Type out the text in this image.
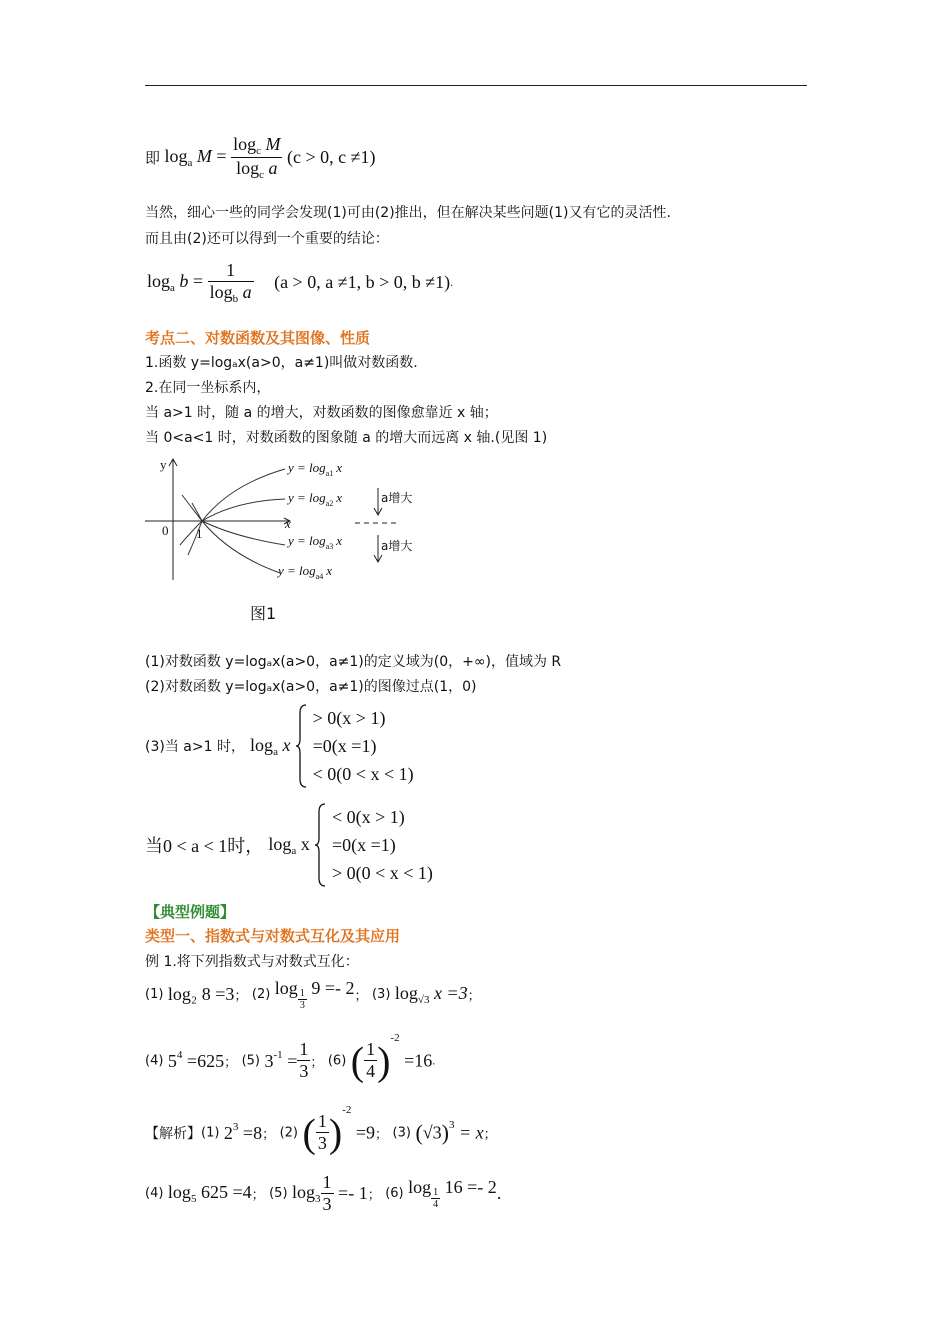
即 $\log_a M = \frac{\log_c M}{\log_c a} (c > 0$, c ≠1)
当然，细心一些的同学会发现(1)可由(2)推出，但在解决某些问题(1)又有它的灵活性.
而且由(2)还可以得到一个重要的结论：
$\log_a b = \frac{1}{\log_b a} (a > 0$, a ≠1, b > 0, b ≠1).
考点二、对数函数及其图像、性质
1.函数 y=logₐx(a>0，a≠1)叫做对数函数.
2.在同一坐标系内，
当 a>1 时，随 a 的增大，对数函数的图像愈靠近 x 轴；
当 0<a<1 时，对数函数的图象随 a 的增大而远离 x 轴.(见图 1)
y
x
0 1
$y = \log_{a1} x$
$y = \log_{a2} x$
$y = \log_{a3} x$
$y = \log_{a4} x$
a增大
a增大
图1
(1)对数函数 y=logₐx(a>0，a≠1)的定义域为(0，+∞)，值域为 R
(2)对数函数 y=logₐx(a>0，a≠1)的图像过点(1，0)
(3)当 a>1 时， $\log_a x$
> 0(x > 1)
=0(x =1)
< 0(0 < x < 1)
当0 < a < 1时， $\log_a x$
< 0(x > 1)
=0(x =1)
> 0(0 < x < 1)
【典型例题】
类型一、指数式与对数式互化及其应用
例 1.将下列指数式与对数式互化：
(1) log₂ 8 =3； (2) $\log \frac{1}{3} 9 =- 2$； (3) $\log_{√3} x =3$；
(4) $5^4 =625$； (5) $3^{-1} = \frac{1}{3}$ ； (6) ( $\frac{1}{4} )^{-2} =16$.
【解析】(1) $2^3 =8$； (2) ( $\frac{1}{3} )^{-2} =9$； (3) $(√3)^3 = x$；
(4) $\log_5 625 =4$； (5) $\log_3 \frac{1}{3} =- 1$； (6) $\log \frac{1}{4} 16 =- 2$.
